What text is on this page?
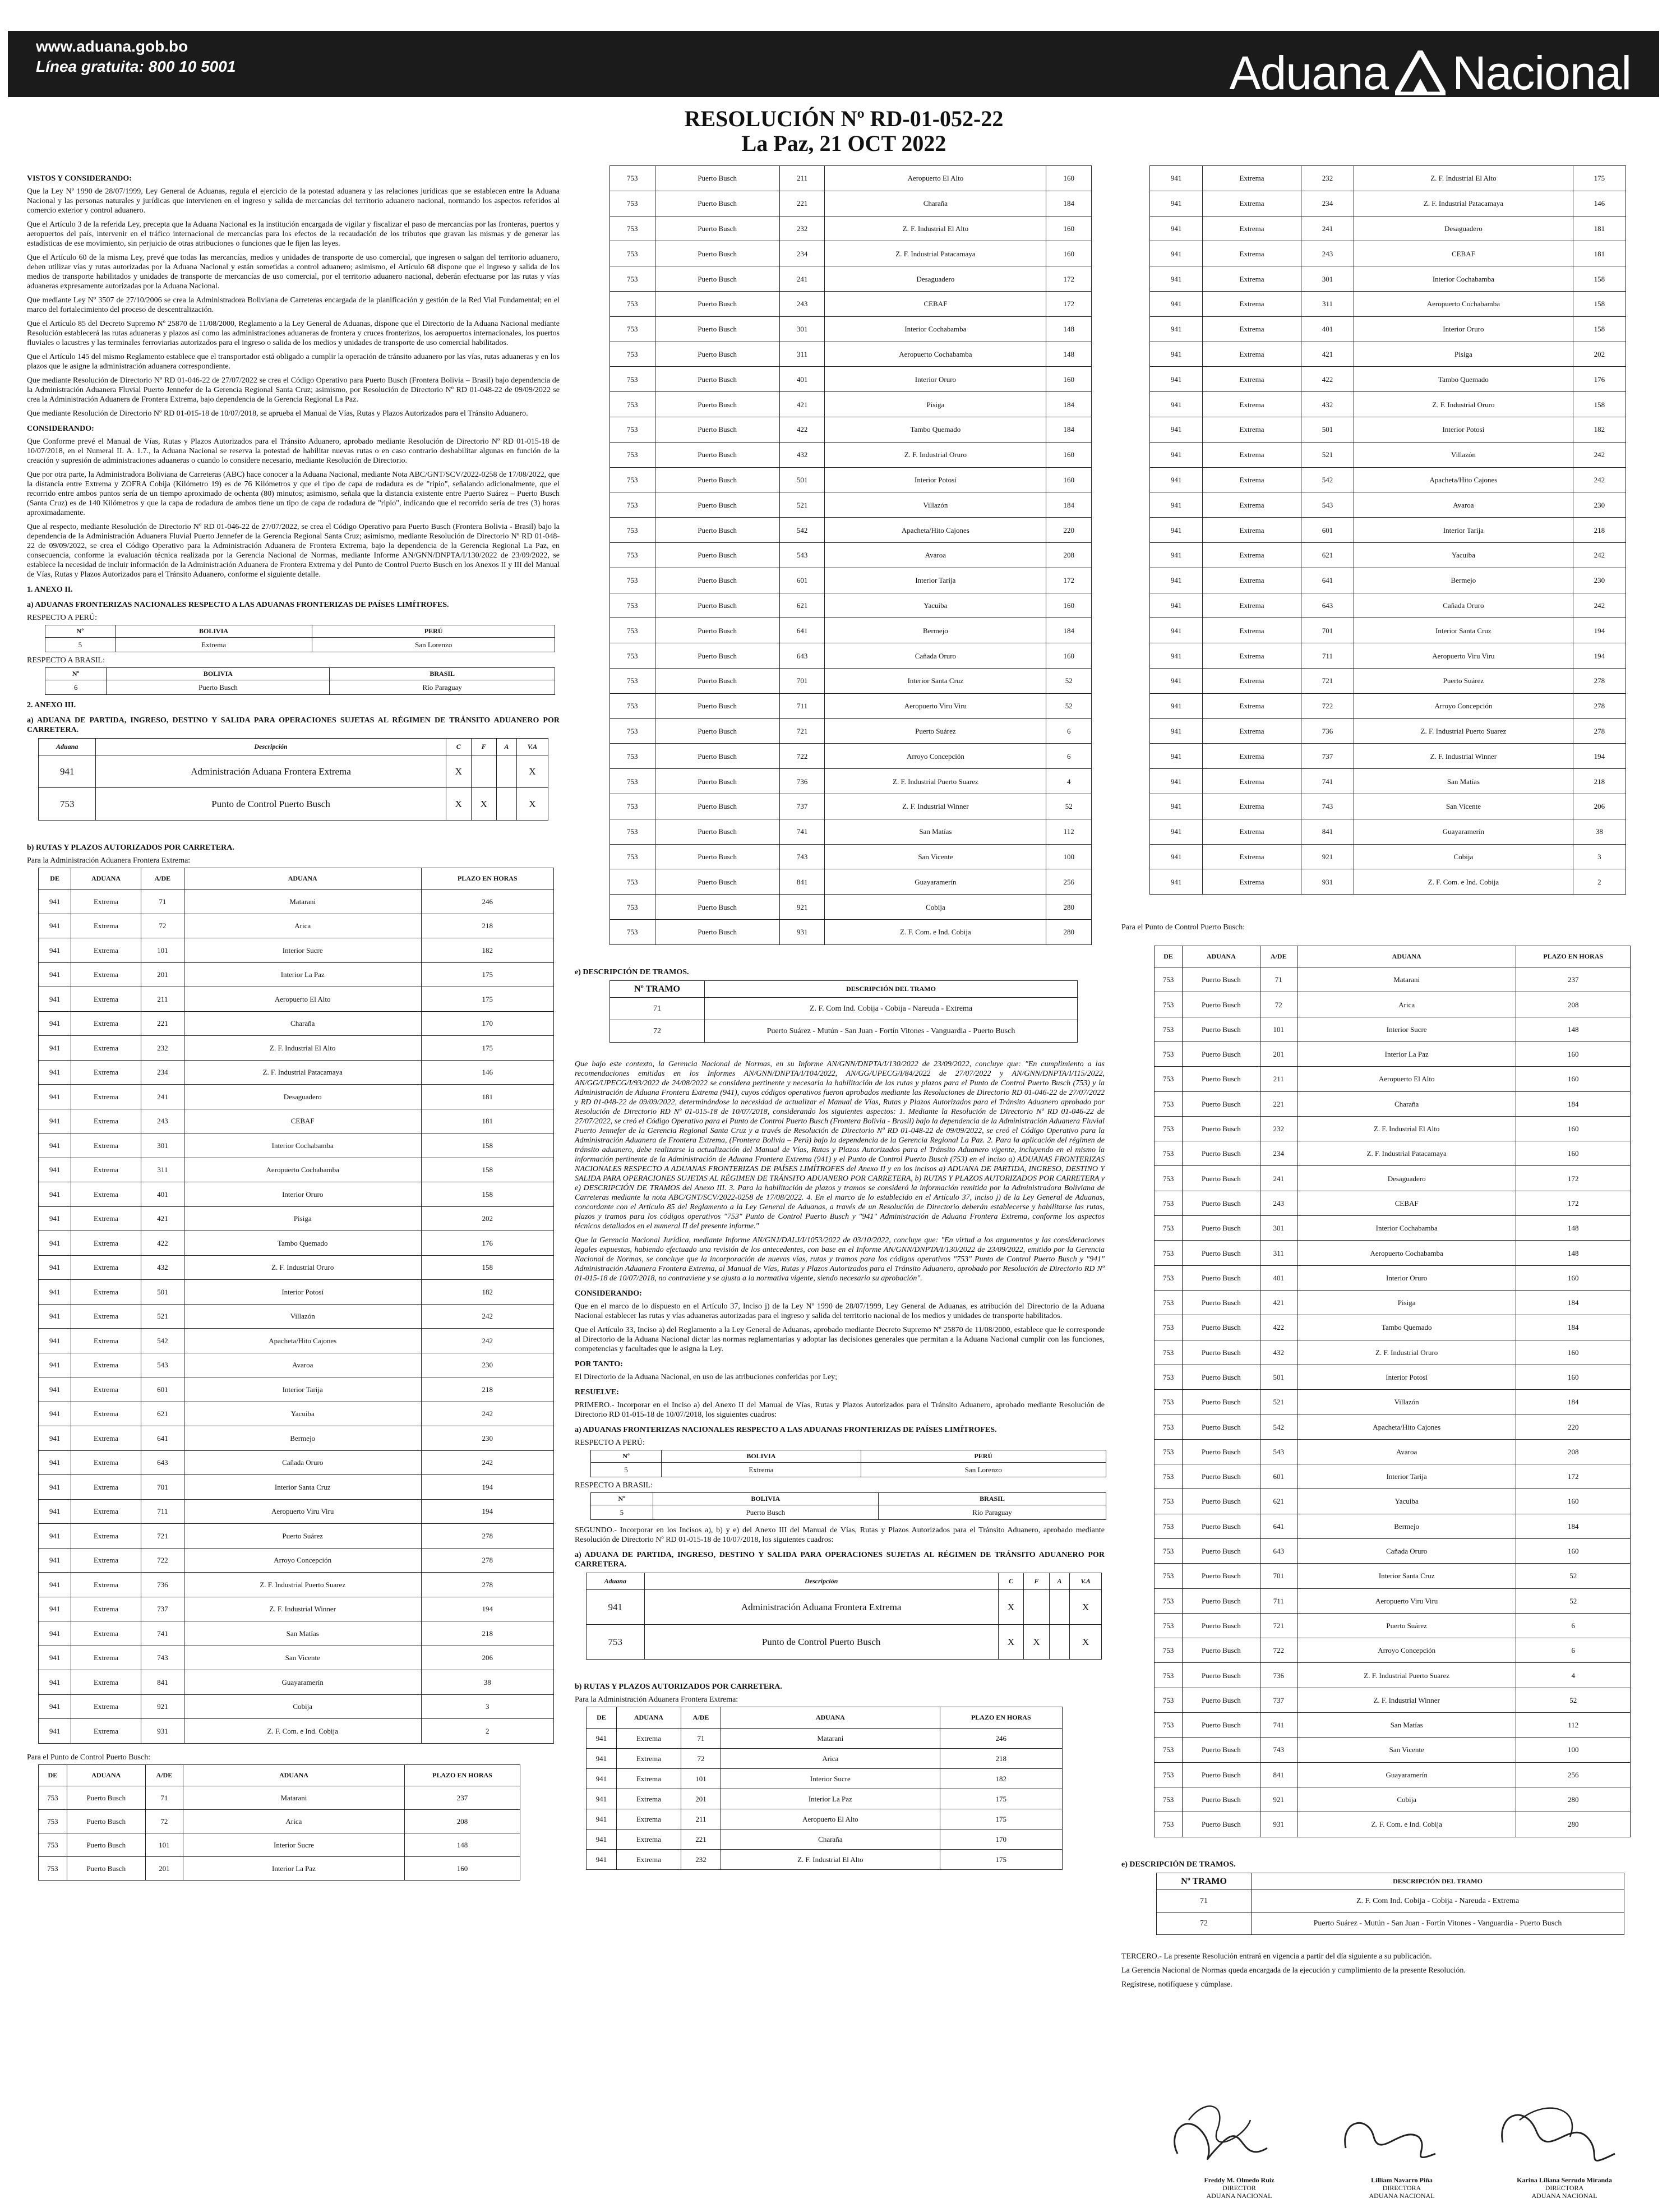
www.aduana.gob.bo
Línea gratuita: 800 10 5001	Aduana Nacional
RESOLUCIÓN Nº RD-01-052-22
La Paz, 21 OCT 2022
VISTOS Y CONSIDERANDO:

Que la Ley Nº 1990 de 28/07/1999, Ley General de Aduanas, regula el ejercicio de la potestad aduanera y las relaciones jurídicas que se establecen entre la Aduana Nacional y las personas naturales y jurídicas que intervienen en el ingreso y salida de mercancías del territorio aduanero nacional, normando los aspectos referidos al comercio exterior y control aduanero.

Que el Artículo 3 de la referida Ley, precepta que la Aduana Nacional es la institución encargada de vigilar y fiscalizar el paso de mercancías por las fronteras, puertos y aeropuertos del país, intervenir en el tráfico internacional de mercancías para los efectos de la recaudación de los tributos que gravan las mismas y de generar las estadísticas de ese movimiento, sin perjuicio de otras atribuciones o funciones que le fijen las leyes.

Que el Artículo 60 de la misma Ley, prevé que todas las mercancías, medios y unidades de transporte de uso comercial, que ingresen o salgan del territorio aduanero, deben utilizar vías y rutas autorizadas por la Aduana Nacional y están sometidas a control aduanero; asimismo, el Artículo 68 dispone que el ingreso y salida de los medios de transporte habilitados y unidades de transporte de mercancías de uso comercial, por el territorio aduanero nacional, deberán efectuarse por las rutas y vías aduaneras expresamente autorizadas por la Aduana Nacional.

Que mediante Ley Nº 3507 de 27/10/2006 se crea la Administradora Boliviana de Carreteras encargada de la planificación y gestión de la Red Vial Fundamental; en el marco del fortalecimiento del proceso de descentralización.

Que el Artículo 85 del Decreto Supremo Nº 25870 de 11/08/2000, Reglamento a la Ley General de Aduanas, dispone que el Directorio de la Aduana Nacional mediante Resolución establecerá las rutas aduaneras y plazos así como las administraciones aduaneras de frontera y cruces fronterizos, los aeropuertos internacionales, los puertos fluviales o lacustres y las terminales ferroviarias autorizados para el ingreso o salida de los medios y unidades de transporte de uso comercial habilitados.

Que el Artículo 145 del mismo Reglamento establece que el transportador está obligado a cumplir la operación de tránsito aduanero por las vías, rutas aduaneras y en los plazos que le asigne la administración aduanera correspondiente.

Que mediante Resolución de Directorio Nº RD 01-046-22 de 27/07/2022 se crea el Código Operativo para Puerto Busch (Frontera Bolivia – Brasil) bajo dependencia de la Administración Aduanera Fluvial Puerto Jennefer de la Gerencia Regional Santa Cruz; asimismo, por Resolución de Directorio Nº RD 01-048-22 de 09/09/2022 se crea la Administración Aduanera de Frontera Extrema, bajo dependencia de la Gerencia Regional La Paz.

Que mediante Resolución de Directorio Nº RD 01-015-18 de 10/07/2018, se aprueba el Manual de Vías, Rutas y Plazos Autorizados para el Tránsito Aduanero.

CONSIDERANDO:

Que Conforme prevé el Manual de Vías, Rutas y Plazos Autorizados para el Tránsito Aduanero, aprobado mediante Resolución de Directorio Nº RD 01-015-18 de 10/07/2018, en el Numeral II. A. 1.7., la Aduana Nacional se reserva la potestad de habilitar nuevas rutas o en caso contrario deshabilitar algunas en función de la creación y supresión de administraciones aduaneras o cuando lo considere necesario, mediante Resolución de Directorio.

Que por otra parte, la Administradora Boliviana de Carreteras (ABC) hace conocer a la Aduana Nacional, mediante Nota ABC/GNT/SCV/2022-0258 de 17/08/2022, que la distancia entre Extrema y ZOFRA Cobija (Kilómetro 19) es de 76 Kilómetros y que el tipo de capa de rodadura es de "ripio", señalando adicionalmente, que el recorrido entre ambos puntos sería de un tiempo aproximado de ochenta (80) minutos; asimismo, señala que la distancia existente entre Puerto Suárez – Puerto Busch (Santa Cruz) es de 140 Kilómetros y que la capa de rodadura de ambos tiene un tipo de capa de rodadura de "ripio", indicando que el recorrido sería de tres (3) horas aproximadamente.

Que al respecto, mediante Resolución de Directorio Nº RD 01-046-22 de 27/07/2022, se crea el Código Operativo para Puerto Busch (Frontera Bolivia - Brasil) bajo la dependencia de la Administración Aduanera Fluvial Puerto Jennefer de la Gerencia Regional Santa Cruz; asimismo, mediante Resolución de Directorio Nº RD 01-048-22 de 09/09/2022, se crea el Código Operativo para la Administración Aduanera de Frontera Extrema, bajo la dependencia de la Gerencia Regional La Paz, en consecuencia, conforme la evaluación técnica realizada por la Gerencia Nacional de Normas, mediante Informe AN/GNN/DNPTA/I/130/2022 de 23/09/2022, se establece la necesidad de incluir información de la Administración Aduanera de Frontera Extrema y del Punto de Control Puerto Busch en los Anexos II y III del Manual de Vías, Rutas y Plazos Autorizados para el Tránsito Aduanero, conforme el siguiente detalle.

1. ANEXO II.
a) ADUANAS FRONTERIZAS NACIONALES RESPECTO A LAS ADUANAS FRONTERIZAS DE PAÍSES LIMÍTROFES.
RESPECTO A PERÚ:
Nº	BOLIVIA	PERÚ
5	Extrema	San Lorenzo
RESPECTO A BRASIL:
Nº	BOLIVIA	BRASIL
6	Puerto Busch	Río Paraguay
2. ANEXO III.
a) ADUANA DE PARTIDA, INGRESO, DESTINO Y SALIDA PARA OPERACIONES SUJETAS AL RÉGIMEN DE TRÁNSITO ADUANERO POR CARRETERA.
Aduana	Descripción	C	F	A	V.A
941	Administración Aduana Frontera Extrema	X			X
753	Punto de Control Puerto Busch	X	X		X
b) RUTAS Y PLAZOS AUTORIZADOS POR CARRETERA.
Para la Administración Aduanera Frontera Extrema:
DE	ADUANA	A/DE	ADUANA	PLAZO EN HORAS
941	Extrema	71	Matarani	246
941	Extrema	72	Arica	218
941	Extrema	101	Interior Sucre	182
941	Extrema	201	Interior La Paz	175
941	Extrema	211	Aeropuerto El Alto	175
941	Extrema	221	Charaña	170
941	Extrema	232	Z. F. Industrial El Alto	175
941	Extrema	234	Z. F. Industrial Patacamaya	146
941	Extrema	241	Desaguadero	181
941	Extrema	243	CEBAF	181
941	Extrema	301	Interior Cochabamba	158
941	Extrema	311	Aeropuerto Cochabamba	158
941	Extrema	401	Interior Oruro	158
941	Extrema	421	Pisiga	202
941	Extrema	422	Tambo Quemado	176
941	Extrema	432	Z. F. Industrial Oruro	158
941	Extrema	501	Interior Potosí	182
941	Extrema	521	Villazón	242
941	Extrema	542	Apacheta/Hito Cajones	242
941	Extrema	543	Avaroa	230
941	Extrema	601	Interior Tarija	218
941	Extrema	621	Yacuiba	242
941	Extrema	641	Bermejo	230
941	Extrema	643	Cañada Oruro	242
941	Extrema	701	Interior Santa Cruz	194
941	Extrema	711	Aeropuerto Viru Viru	194
941	Extrema	721	Puerto Suárez	278
941	Extrema	722	Arroyo Concepción	278
941	Extrema	736	Z. F. Industrial Puerto Suarez	278
941	Extrema	737	Z. F. Industrial Winner	194
941	Extrema	741	San Matías	218
941	Extrema	743	San Vicente	206
941	Extrema	841	Guayaramerín	38
941	Extrema	921	Cobija	3
941	Extrema	931	Z. F. Com. e Ind. Cobija	2
Para el Punto de Control Puerto Busch:
DE	ADUANA	A/DE	ADUANA	PLAZO EN HORAS
753	Puerto Busch	71	Matarani	237
753	Puerto Busch	72	Arica	208
753	Puerto Busch	101	Interior Sucre	148
753	Puerto Busch	201	Interior La Paz	160
753	Puerto Busch	211	Aeropuerto El Alto	160
753	Puerto Busch	221	Charaña	184
753	Puerto Busch	232	Z. F. Industrial El Alto	160
753	Puerto Busch	234	Z. F. Industrial Patacamaya	160
753	Puerto Busch	241	Desaguadero	172
753	Puerto Busch	243	CEBAF	172
753	Puerto Busch	301	Interior Cochabamba	148
753	Puerto Busch	311	Aeropuerto Cochabamba	148
753	Puerto Busch	401	Interior Oruro	160
753	Puerto Busch	421	Pisiga	184
753	Puerto Busch	422	Tambo Quemado	184
753	Puerto Busch	432	Z. F. Industrial Oruro	160
753	Puerto Busch	501	Interior Potosí	160
753	Puerto Busch	521	Villazón	184
753	Puerto Busch	542	Apacheta/Hito Cajones	220
753	Puerto Busch	543	Avaroa	208
753	Puerto Busch	601	Interior Tarija	172
753	Puerto Busch	621	Yacuiba	160
753	Puerto Busch	641	Bermejo	184
753	Puerto Busch	643	Cañada Oruro	160
753	Puerto Busch	701	Interior Santa Cruz	52
753	Puerto Busch	711	Aeropuerto Viru Viru	52
753	Puerto Busch	721	Puerto Suárez	6
753	Puerto Busch	722	Arroyo Concepción	6
753	Puerto Busch	736	Z. F. Industrial Puerto Suarez	4
753	Puerto Busch	737	Z. F. Industrial Winner	52
753	Puerto Busch	741	San Matías	112
753	Puerto Busch	743	San Vicente	100
753	Puerto Busch	841	Guayaramerín	256
753	Puerto Busch	921	Cobija	280
753	Puerto Busch	931	Z. F. Com. e Ind. Cobija	280
e) DESCRIPCIÓN DE TRAMOS.
Nº TRAMO	DESCRIPCIÓN DEL TRAMO
71	Z. F. Com Ind. Cobija - Cobija - Nareuda - Extrema
72	Puerto Suárez - Mutún - San Juan - Fortín Vitones - Vanguardia - Puerto Busch

Que bajo este contexto, la Gerencia Nacional de Normas, en su Informe AN/GNN/DNPTA/I/130/2022 de 23/09/2022, concluye que: "En cumplimiento a las recomendaciones emitidas en los Informes AN/GNN/DNPTA/I/104/2022, AN/GG/UPECG/I/84/2022 de 27/07/2022 y AN/GNN/DNPTA/I/115/2022, AN/GG/UPECG/I/93/2022 de 24/08/2022 se considera pertinente y necesaria la habilitación de las rutas y plazos para el Punto de Control Puerto Busch (753) y la Administración de Aduana Frontera Extrema (941), cuyos códigos operativos fueron aprobados mediante las Resoluciones de Directorio RD 01-046-22 de 27/07/2022 y RD 01-048-22 de 09/09/2022, determinándose la necesidad de actualizar el Manual de Vías, Rutas y Plazos Autorizados para el Tránsito Aduanero aprobado por Resolución de Directorio RD Nº 01-015-18 de 10/07/2018, considerando los siguientes aspectos: 1. Mediante la Resolución de Directorio Nº RD 01-046-22 de 27/07/2022, se creó el Código Operativo para el Punto de Control Puerto Busch (Frontera Bolivia - Brasil) bajo la dependencia de la Administración Aduanera Fluvial Puerto Jennefer de la Gerencia Regional Santa Cruz y a través de Resolución de Directorio Nº RD 01-048-22 de 09/09/2022, se creó el Código Operativo para la Administración Aduanera de Frontera Extrema, (Frontera Bolivia – Perú) bajo la dependencia de la Gerencia Regional La Paz. 2. Para la aplicación del régimen de tránsito aduanero, debe realizarse la actualización del Manual de Vías, Rutas y Plazos Autorizados para el Tránsito Aduanero vigente, incluyendo en el mismo la información pertinente de la Administración de Aduana Frontera Extrema (941) y el Punto de Control Puerto Busch (753) en el inciso a) ADUANAS FRONTERIZAS NACIONALES RESPECTO A ADUANAS FRONTERIZAS DE PAÍSES LIMÍTROFES del Anexo II y en los incisos a) ADUANA DE PARTIDA, INGRESO, DESTINO Y SALIDA PARA OPERACIONES SUJETAS AL RÉGIMEN DE TRÁNSITO ADUANERO POR CARRETERA, b) RUTAS Y PLAZOS AUTORIZADOS POR CARRETERA y e) DESCRIPCIÓN DE TRAMOS del Anexo III. 3. Para la habilitación de plazos y tramos se consideró la información remitida por la Administradora Boliviana de Carreteras mediante la nota ABC/GNT/SCV/2022-0258 de 17/08/2022. 4. En el marco de lo establecido en el Artículo 37, inciso j) de la Ley General de Aduanas, concordante con el Artículo 85 del Reglamento a la Ley General de Aduanas, a través de un Resolución de Directorio deberán establecerse y habilitarse las rutas, plazos y tramos para los códigos operativos "753" Punto de Control Puerto Busch y "941" Administración de Aduana Frontera Extrema, conforme los aspectos técnicos detallados en el numeral II del presente informe."

Que la Gerencia Nacional Jurídica, mediante Informe AN/GNJ/DALJ/I/1053/2022 de 03/10/2022, concluye que: "En virtud a los argumentos y las consideraciones legales expuestas, habiendo efectuado una revisión de los antecedentes, con base en el Informe AN/GNN/DNPTA/I/130/2022 de 23/09/2022, emitido por la Gerencia Nacional de Normas, se concluye que la incorporación de nuevas vías, rutas y tramos para los códigos operativos "753" Punto de Control Puerto Busch y "941" Administración Aduanera Frontera Extrema, al Manual de Vías, Rutas y Plazos Autorizados para el Tránsito Aduanero, aprobado por Resolución de Directorio RD Nº 01-015-18 de 10/07/2018, no contraviene y se ajusta a la normativa vigente, siendo necesario su aprobación".

CONSIDERANDO:

Que en el marco de lo dispuesto en el Artículo 37, Inciso j) de la Ley Nº 1990 de 28/07/1999, Ley General de Aduanas, es atribución del Directorio de la Aduana Nacional establecer las rutas y vías aduaneras autorizadas para el ingreso y salida del territorio nacional de los medios y unidades de transporte habilitados.

Que el Artículo 33, Inciso a) del Reglamento a la Ley General de Aduanas, aprobado mediante Decreto Supremo Nº 25870 de 11/08/2000, establece que le corresponde al Directorio de la Aduana Nacional dictar las normas reglamentarias y adoptar las decisiones generales que permitan a la Aduana Nacional cumplir con las funciones, competencias y facultades que le asigna la Ley.

POR TANTO:

El Directorio de la Aduana Nacional, en uso de las atribuciones conferidas por Ley;

RESUELVE:

PRIMERO.- Incorporar en el Inciso a) del Anexo II del Manual de Vías, Rutas y Plazos Autorizados para el Tránsito Aduanero, aprobado mediante Resolución de Directorio RD 01-015-18 de 10/07/2018, los siguientes cuadros:

a) ADUANAS FRONTERIZAS NACIONALES RESPECTO A LAS ADUANAS FRONTERIZAS DE PAÍSES LIMÍTROFES.
RESPECTO A PERÚ:
Nº	BOLIVIA	PERÚ
5	Extrema	San Lorenzo
RESPECTO A BRASIL:
Nº	BOLIVIA	BRASIL
5	Puerto Busch	Río Paraguay

SEGUNDO.- Incorporar en los Incisos a), b) y e) del Anexo III del Manual de Vías, Rutas y Plazos Autorizados para el Tránsito Aduanero, aprobado mediante Resolución de Directorio Nº RD 01-015-18 de 10/07/2018, los siguientes cuadros:

a) ADUANA DE PARTIDA, INGRESO, DESTINO Y SALIDA PARA OPERACIONES SUJETAS AL RÉGIMEN DE TRÁNSITO ADUANERO POR CARRETERA.
Aduana	Descripción	C	F	A	V.A
941	Administración Aduana Frontera Extrema	X			X
753	Punto de Control Puerto Busch	X	X		X
b) RUTAS Y PLAZOS AUTORIZADOS POR CARRETERA.
Para la Administración Aduanera Frontera Extrema:
DE	ADUANA	A/DE	ADUANA	PLAZO EN HORAS
941	Extrema	71	Matarani	246
941	Extrema	72	Arica	218
941	Extrema	101	Interior Sucre	182
941	Extrema	201	Interior La Paz	175
941	Extrema	211	Aeropuerto El Alto	175
941	Extrema	221	Charaña	170
941	Extrema	232	Z. F. Industrial El Alto	175
941	Extrema	232	Z. F. Industrial El Alto	175
941	Extrema	234	Z. F. Industrial Patacamaya	146
941	Extrema	241	Desaguadero	181
941	Extrema	243	CEBAF	181
941	Extrema	301	Interior Cochabamba	158
941	Extrema	311	Aeropuerto Cochabamba	158
941	Extrema	401	Interior Oruro	158
941	Extrema	421	Pisiga	202
941	Extrema	422	Tambo Quemado	176
941	Extrema	432	Z. F. Industrial Oruro	158
941	Extrema	501	Interior Potosí	182
941	Extrema	521	Villazón	242
941	Extrema	542	Apacheta/Hito Cajones	242
941	Extrema	543	Avaroa	230
941	Extrema	601	Interior Tarija	218
941	Extrema	621	Yacuiba	242
941	Extrema	641	Bermejo	230
941	Extrema	643	Cañada Oruro	242
941	Extrema	701	Interior Santa Cruz	194
941	Extrema	711	Aeropuerto Viru Viru	194
941	Extrema	721	Puerto Suárez	278
941	Extrema	722	Arroyo Concepción	278
941	Extrema	736	Z. F. Industrial Puerto Suarez	278
941	Extrema	737	Z. F. Industrial Winner	194
941	Extrema	741	San Matías	218
941	Extrema	743	San Vicente	206
941	Extrema	841	Guayaramerín	38
941	Extrema	921	Cobija	3
941	Extrema	931	Z. F. Com. e Ind. Cobija	2
Para el Punto de Control Puerto Busch:
DE	ADUANA	A/DE	ADUANA	PLAZO EN HORAS
753	Puerto Busch	71	Matarani	237
753	Puerto Busch	72	Arica	208
753	Puerto Busch	101	Interior Sucre	148
753	Puerto Busch	201	Interior La Paz	160
753	Puerto Busch	211	Aeropuerto El Alto	160
753	Puerto Busch	221	Charaña	184
753	Puerto Busch	232	Z. F. Industrial El Alto	160
753	Puerto Busch	234	Z. F. Industrial Patacamaya	160
753	Puerto Busch	241	Desaguadero	172
753	Puerto Busch	243	CEBAF	172
753	Puerto Busch	301	Interior Cochabamba	148
753	Puerto Busch	311	Aeropuerto Cochabamba	148
753	Puerto Busch	401	Interior Oruro	160
753	Puerto Busch	421	Pisiga	184
753	Puerto Busch	422	Tambo Quemado	184
753	Puerto Busch	432	Z. F. Industrial Oruro	160
753	Puerto Busch	501	Interior Potosí	160
753	Puerto Busch	521	Villazón	184
753	Puerto Busch	542	Apacheta/Hito Cajones	220
753	Puerto Busch	543	Avaroa	208
753	Puerto Busch	601	Interior Tarija	172
753	Puerto Busch	621	Yacuiba	160
753	Puerto Busch	641	Bermejo	184
753	Puerto Busch	643	Cañada Oruro	160
753	Puerto Busch	701	Interior Santa Cruz	52
753	Puerto Busch	711	Aeropuerto Viru Viru	52
753	Puerto Busch	721	Puerto Suárez	6
753	Puerto Busch	722	Arroyo Concepción	6
753	Puerto Busch	736	Z. F. Industrial Puerto Suarez	4
753	Puerto Busch	737	Z. F. Industrial Winner	52
753	Puerto Busch	741	San Matías	112
753	Puerto Busch	743	San Vicente	100
753	Puerto Busch	841	Guayaramerín	256
753	Puerto Busch	921	Cobija	280
753	Puerto Busch	931	Z. F. Com. e Ind. Cobija	280
e) DESCRIPCIÓN DE TRAMOS.
Nº TRAMO	DESCRIPCIÓN DEL TRAMO
71	Z. F. Com Ind. Cobija - Cobija - Nareuda - Extrema
72	Puerto Suárez - Mutún - San Juan - Fortín Vitones - Vanguardia - Puerto Busch

TERCERO.- La presente Resolución entrará en vigencia a partir del día siguiente a su publicación.

La Gerencia Nacional de Normas queda encargada de la ejecución y cumplimiento de la presente Resolución.

Regístrese, notifíquese y cúmplase.

Freddy M. Olmedo Ruiz
DIRECTOR
ADUANA NACIONAL
Lilliam Navarro Piña
DIRECTORA
ADUANA NACIONAL
Karina Liliana Serrudo Miranda
DIRECTORA
ADUANA NACIONAL
